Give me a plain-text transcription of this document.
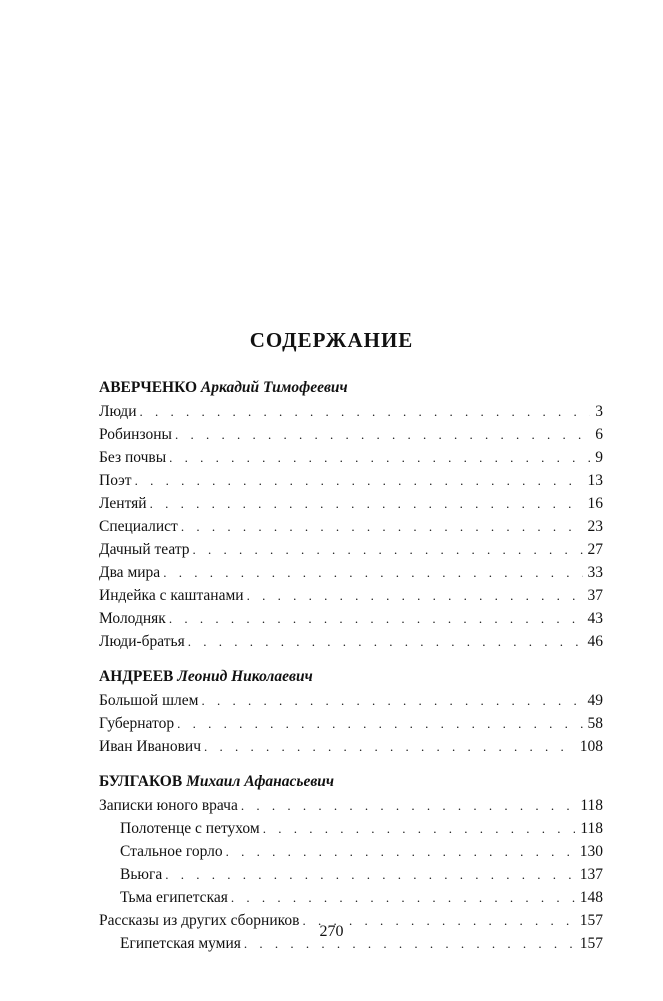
СОДЕРЖАНИЕ
АВЕРЧЕНКО Аркадий Тимофеевич
Люди . . .	3
Робинзоны . . .	6
Без почвы . . .	9
Поэт . . .	13
Лентяй . . .	16
Специалист . . .	23
Дачный театр . . .	27
Два мира . . .	33
Индейка с каштанами . . .	37
Молодняк . . .	43
Люди-братья . . .	46
АНДРЕЕВ Леонид Николаевич
Большой шлем . . .	49
Губернатор . . .	58
Иван Иванович . . .	108
БУЛГАКОВ Михаил Афанасьевич
Записки юного врача . . .	118
Полотенце с петухом . . .	118
Стальное горло . . .	130
Вьюга . . .	137
Тьма египетская . . .	148
Рассказы из других сборников . . .	157
Египетская мумия . . .	157
270
